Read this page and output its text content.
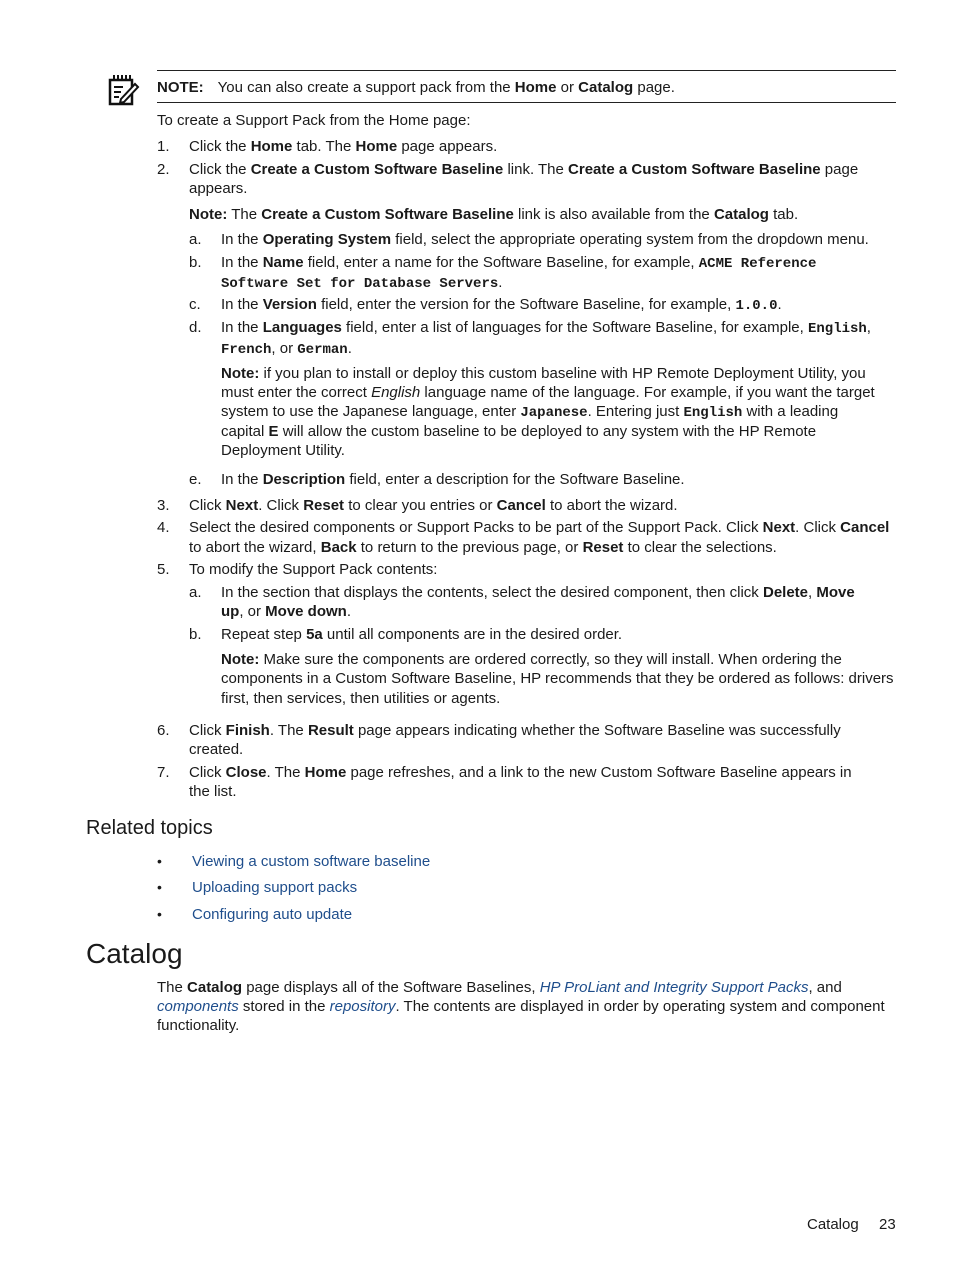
NOTE: You can also create a support pack from the Home or Catalog page.
To create a Support Pack from the Home page:
1. Click the Home tab. The Home page appears.
2. Click the Create a Custom Software Baseline link. The Create a Custom Software Baseline page
appears.
Note: The Create a Custom Software Baseline link is also available from the Catalog tab.
a. In the Operating System field, select the appropriate operating system from the dropdown menu.
b. In the Name field, enter a name for the Software Baseline, for example, ACME Reference
Software Set for Database Servers.
c. In the Version field, enter the version for the Software Baseline, for example, 1.0.0.
d. In the Languages field, enter a list of languages for the Software Baseline, for example, English,
French, or German.
Note: if you plan to install or deploy this custom baseline with HP Remote Deployment Utility, you
must enter the correct English language name of the language. For example, if you want the target
system to use the Japanese language, enter Japanese. Entering just English with a leading
capital E will allow the custom baseline to be deployed to any system with the HP Remote
Deployment Utility.
e. In the Description field, enter a description for the Software Baseline.
3. Click Next. Click Reset to clear you entries or Cancel to abort the wizard.
4. Select the desired components or Support Packs to be part of the Support Pack. Click Next. Click Cancel
to abort the wizard, Back to return to the previous page, or Reset to clear the selections.
5. To modify the Support Pack contents:
a. In the section that displays the contents, select the desired component, then click Delete, Move
up, or Move down.
b. Repeat step 5a until all components are in the desired order.
Note: Make sure the components are ordered correctly, so they will install. When ordering the
components in a Custom Software Baseline, HP recommends that they be ordered as follows: drivers
first, then services, then utilities or agents.
6. Click Finish. The Result page appears indicating whether the Software Baseline was successfully
created.
7. Click Close. The Home page refreshes, and a link to the new Custom Software Baseline appears in
the list.
Related topics
• Viewing a custom software baseline
• Uploading support packs
• Configuring auto update
Catalog
The Catalog page displays all of the Software Baselines, HP ProLiant and Integrity Support Packs, and
components stored in the repository. The contents are displayed in order by operating system and component
functionality.
Catalog 23
